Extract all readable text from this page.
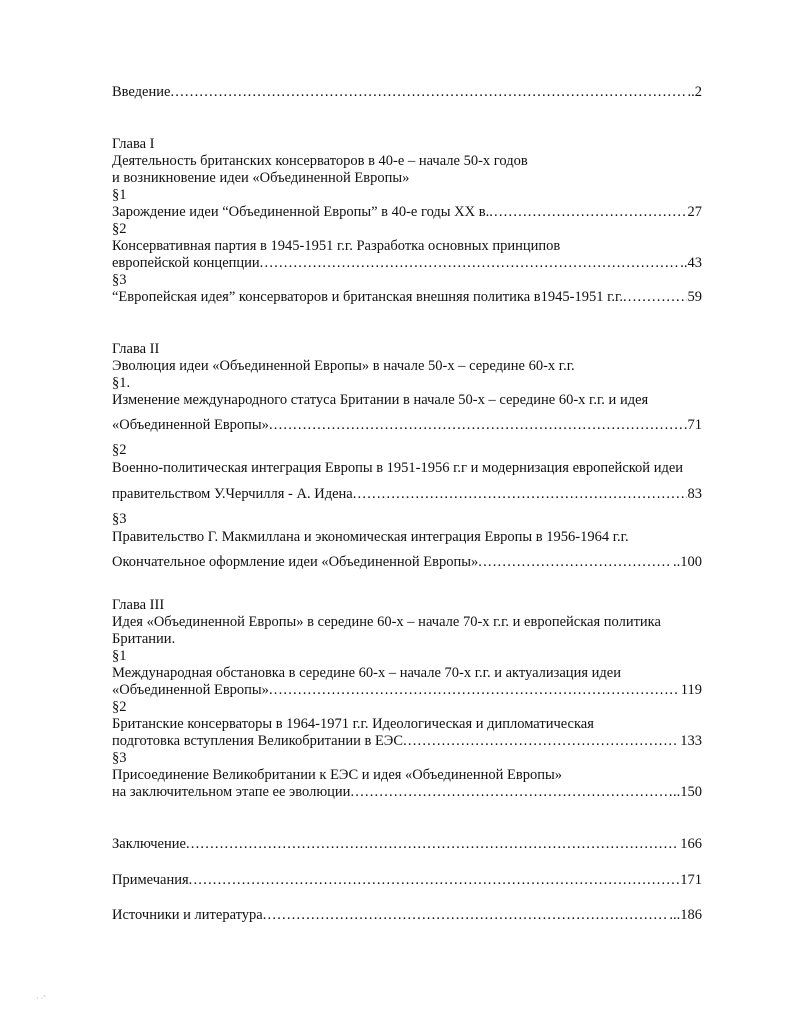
Введение .....	..2
Глава I
Деятельность британских консерваторов в 40-е – начале 50-х годов
и возникновение идеи «Объединенной Европы»
§1
Зарождение идеи “Объединенной Европы” в 40-е годы XX в. .....	27
§2
Консервативная партия в 1945-1951 г.г. Разработка основных принципов
европейской концепции .....	..43
§3
“Европейская идея” консерваторов и британская внешняя политика в1945-1951 г.г. .....	59
Глава II
Эволюция идеи «Объединенной Европы» в начале 50-х – середине 60-х г.г.
§1.
Изменение международного статуса Британии в начале 50-х – середине 60-х г.г. и идея
«Объединенной Европы» .....	71
§2
Военно-политическая интеграция Европы в 1951-1956 г.г и модернизация европейской идеи
правительством У.Черчилля - А. Идена .....	83
§3
Правительство Г. Макмиллана и экономическая интеграция Европы в 1956-1964 г.г.
Окончательное оформление идеи «Объединенной Европы» .....	..100
Глава III
Идея «Объединенной Европы» в середине 60-х – начале 70-х г.г. и европейская политика
Британии.
§1
Международная обстановка в середине 60-х – начале 70-х г.г. и актуализация идеи
«Объединенной Европы» .....	119
§2
Британские консерваторы в 1964-1971 г.г. Идеологическая и дипломатическая
подготовка вступления Великобритании в ЕЭС .....	133
§3
Присоединение Великобритании к ЕЭС и идея «Объединенной Европы»
на заключительном этапе ее эволюции .....	..150
Заключение .....	166
Примечания .....	171
Источники и литература .....	...186
· ·˜
